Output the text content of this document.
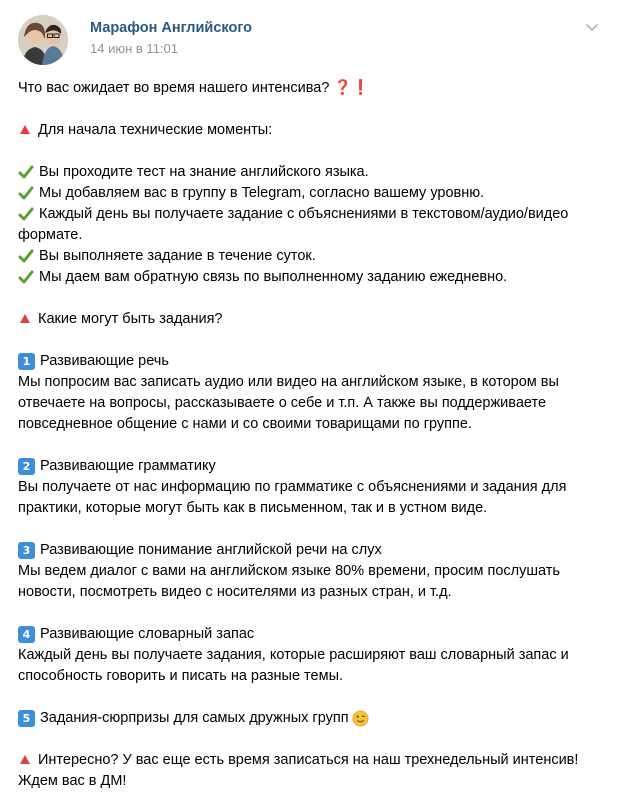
Марафон Английского
14 июн в 11:01
Что вас ожидает во время нашего интенсива? ❓❗
Для начала технические моменты:
Вы проходите тест на знание английского языка.
Мы добавляем вас в группу в Telegram, согласно вашему уровню.
Каждый день вы получаете задание с объяснениями в текстовом/аудио/видео
формате.
Вы выполняете задание в течение суток.
Мы даем вам обратную связь по выполненному заданию ежедневно.
Какие могут быть задания?
1 Развивающие речь
Мы попросим вас записать аудио или видео на английском языке, в котором вы
отвечаете на вопросы, рассказываете о себе и т.п. А также вы поддерживаете
повседневное общение с нами и со своими товарищами по группе.
2 Развивающие грамматику
Вы получаете от нас информацию по грамматике с объяснениями и задания для
практики, которые могут быть как в письменном, так и в устном виде.
3 Развивающие понимание английской речи на слух
Мы ведем диалог с вами на английском языке 80% времени, просим послушать
новости, посмотреть видео с носителями из разных стран, и т.д.
4 Развивающие словарный запас
Каждый день вы получаете задания, которые расширяют ваш словарный запас и
способность говорить и писать на разные темы.
5 Задания-сюрпризы для самых дружных групп
Интересно? У вас еще есть время записаться на наш трехнедельный интенсив!
Ждем вас в ДМ!
